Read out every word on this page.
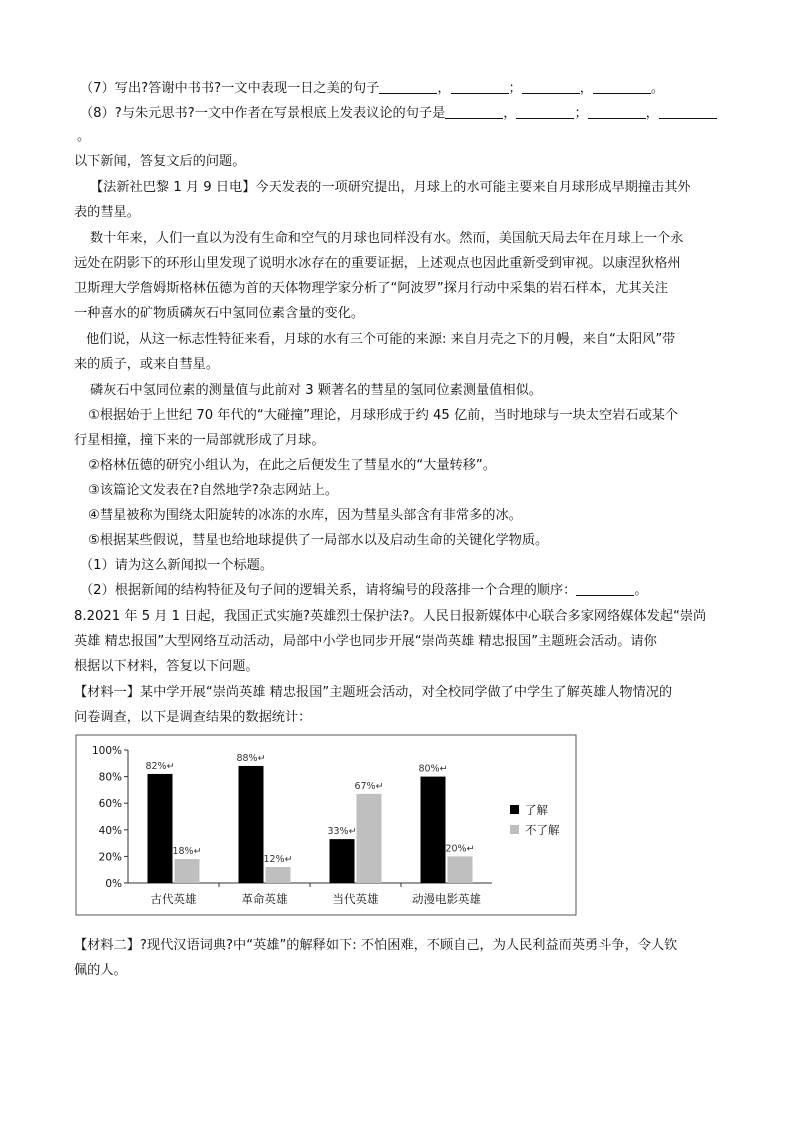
（7）写出?答谢中书书?一文中表现一日之美的句子	，	；	，	。
（8）?与朱元思书?一文中作者在写景根底上发表议论的句子是	，	；	，
。
以下新闻，答复文后的问题。
【法新社巴黎 1 月 9 日电】今天发表的一项研究提出，月球上的水可能主要来自月球形成早期撞击其外
表的彗星。
数十年来，人们一直以为没有生命和空气的月球也同样没有水。然而，美国航天局去年在月球上一个永
远处在阴影下的环形山里发现了说明水冰存在的重要证据，上述观点也因此重新受到审视。以康涅狄格州
卫斯理大学詹姆斯格林伍德为首的天体物理学家分析了“阿波罗”探月行动中采集的岩石样本，尤其关注
一种喜水的矿物质磷灰石中氢同位素含量的变化。
他们说，从这一标志性特征来看，月球的水有三个可能的来源: 来自月壳之下的月幔，来自“太阳风”带
来的质子，或来自彗星。
磷灰石中氢同位素的测量值与此前对 3 颗著名的彗星的氢同位素测量值相似。
①根据始于上世纪 70 年代的“大碰撞”理论，月球形成于约 45 亿前，当时地球与一块太空岩石或某个
行星相撞，撞下来的一局部就形成了月球。
②格林伍德的研究小组认为，在此之后便发生了彗星水的“大量转移”。
③该篇论文发表在?自然地学?杂志网站上。
④彗星被称为围绕太阳旋转的冰冻的水库，因为彗星头部含有非常多的冰。
⑤根据某些假说，彗星也给地球提供了一局部水以及启动生命的关键化学物质。
（1）请为这么新闻拟一个标题。
（2）根据新闻的结构特征及句子间的逻辑关系，请将编号的段落排一个合理的顺序：	。
8.2021 年 5 月 1 日起，我国正式实施?英雄烈士保护法?。人民日报新媒体中心联合多家网络媒体发起“崇尚
英雄 精忠报国”大型网络互动活动，局部中小学也同步开展“崇尚英雄 精忠报国”主题班会活动。请你
根据以下材料，答复以下问题。
【材料一】某中学开展“崇尚英雄 精忠报国”主题班会活动，对全校同学做了中学生了解英雄人物情况的
问卷调查，以下是调查结果的数据统计：
0%
20%
40%
60%
80%
100%
古代英雄
82%↵
18%↵
革命英雄
88%↵
12%↵
当代英雄
33%↵
67%↵
动漫电影英雄
80%↵
20%↵
了解
不了解
【材料二】?现代汉语词典?中“英雄”的解释如下: 不怕困难，不顾自己，为人民利益而英勇斗争，令人钦
佩的人。
